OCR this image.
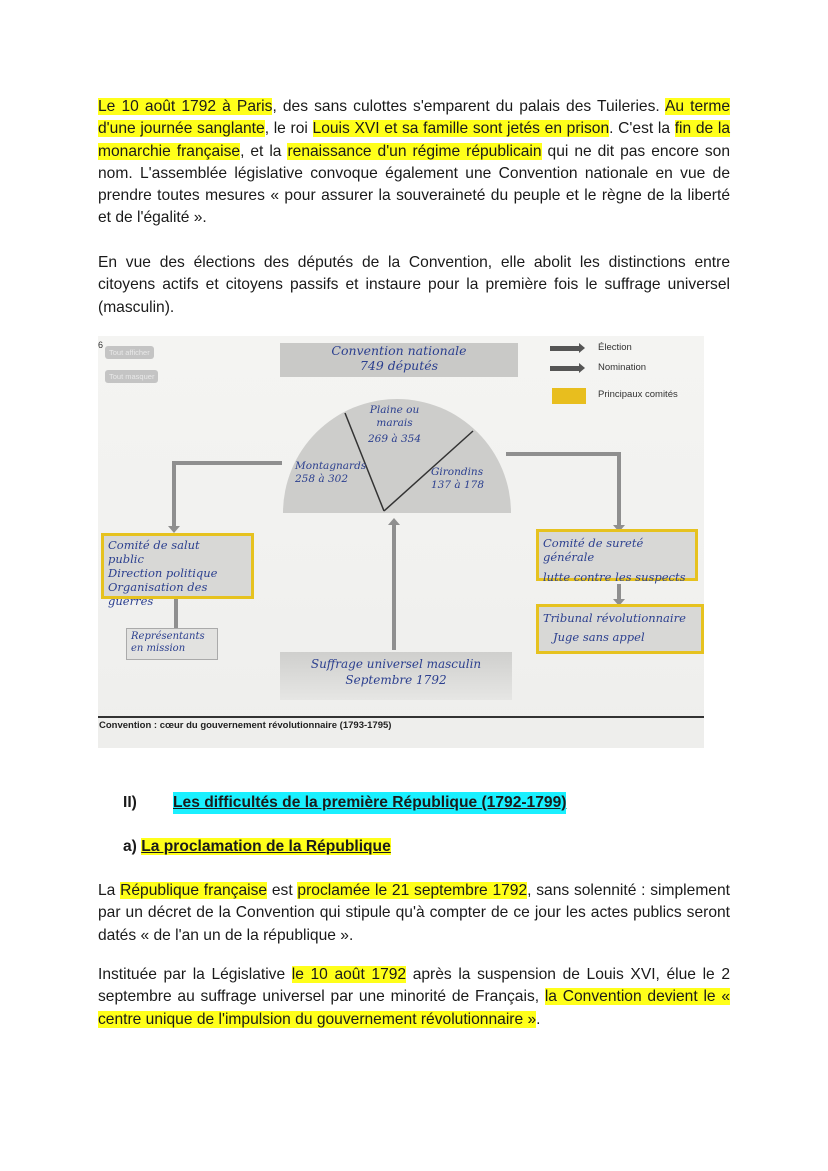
Le 10 août 1792 à Paris, des sans culottes s'emparent du palais des Tuileries. Au terme d'une journée sanglante, le roi Louis XVI et sa famille sont jetés en prison. C'est la fin de la monarchie française, et la renaissance d'un régime républicain qui ne dit pas encore son nom. L'assemblée législative convoque également une Convention nationale en vue de prendre toutes mesures « pour assurer la souveraineté du peuple et le règne de la liberté et de l'égalité ».

En vue des élections des députés de la Convention, elle abolit les distinctions entre citoyens actifs et citoyens passifs et instaure pour la première fois le suffrage universel (masculin).

6
Tout afficher
Tout masquer
Convention nationale
749 députés
Élection
Nomination
Principaux comités
Plaine ou
marais
269 à 354
Montagnards
258 à 302
Girondins
137 à 178
Comité de salut
public
Direction politique
Organisation des guerres
Représentants
en mission
Comité de sureté générale
lutte contre les suspects
Tribunal révolutionnaire
Juge sans appel
Suffrage universel masculin
Septembre 1792
Convention : cœur du gouvernement révolutionnaire (1793-1795)
II) Les difficultés de la première République (1792-1799)
a) La proclamation de la République

La République française est proclamée le 21 septembre 1792, sans solennité : simplement par un décret de la Convention qui stipule qu'à compter de ce jour les actes publics seront datés « de l'an un de la république ».

Instituée par la Législative le 10 août 1792 après la suspension de Louis XVI, élue le 2 septembre au suffrage universel par une minorité de Français, la Convention devient le « centre unique de l'impulsion du gouvernement révolutionnaire ».
